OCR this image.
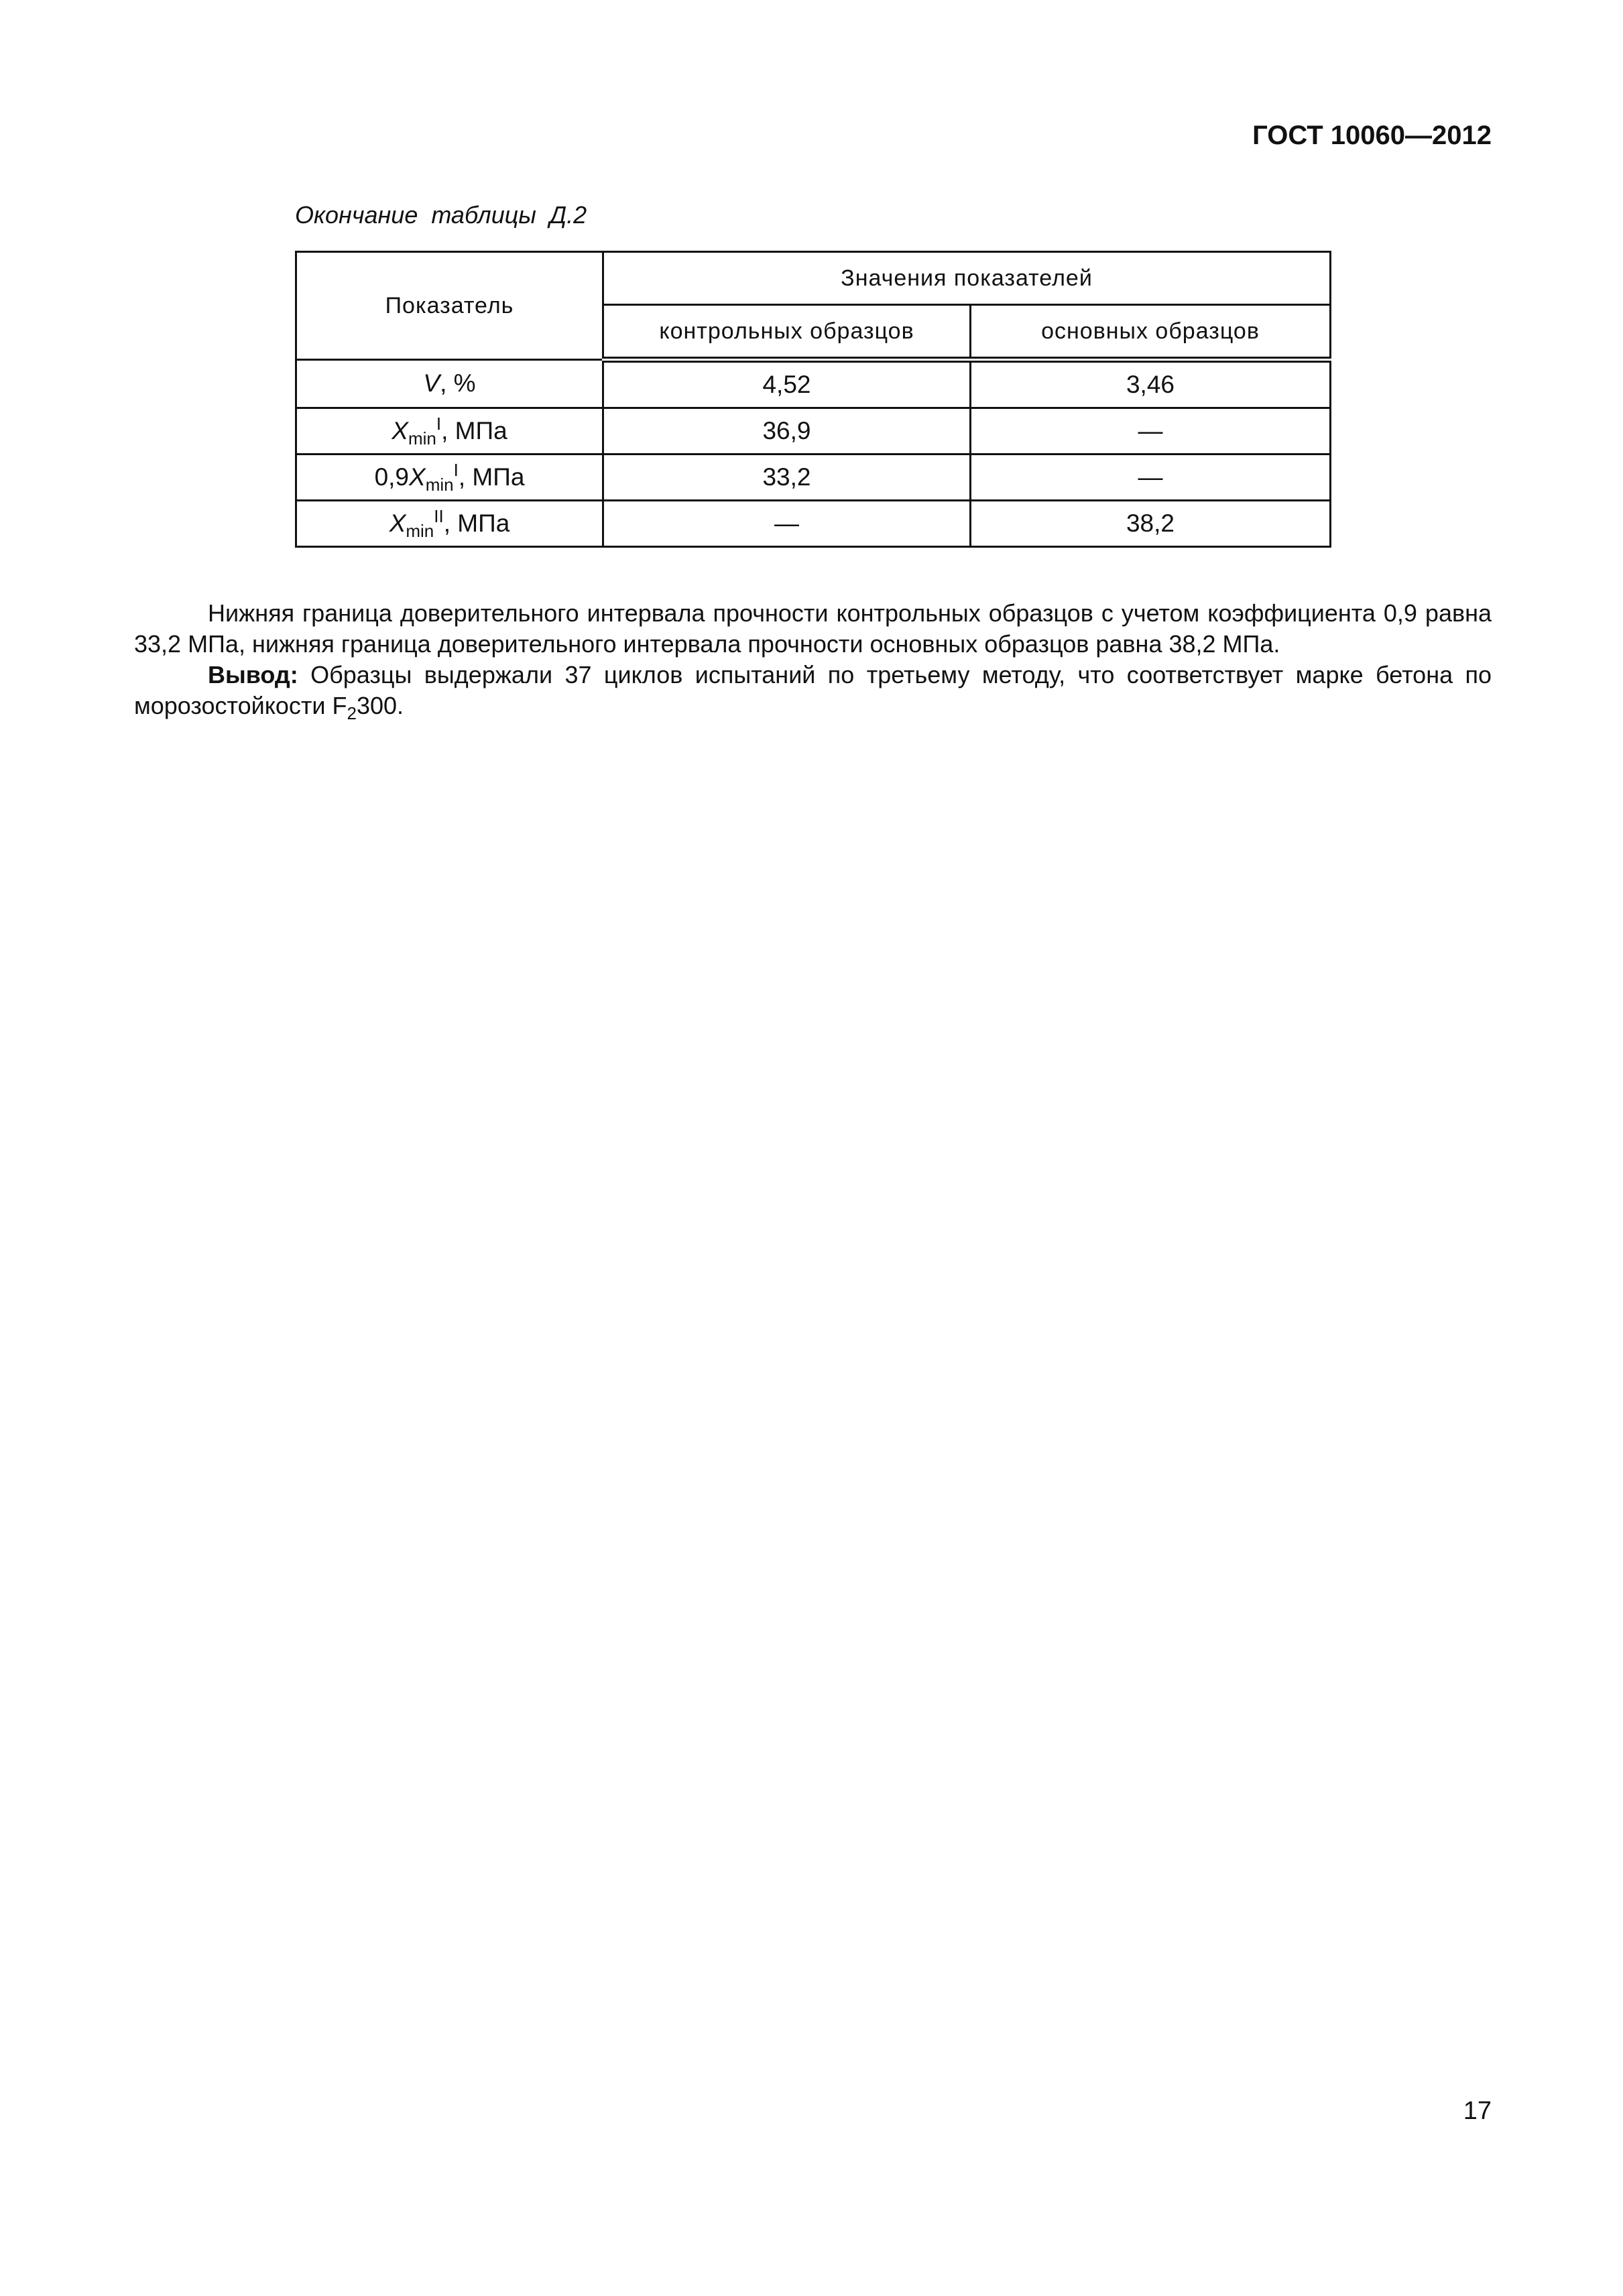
ГОСТ 10060—2012
Окончание таблицы Д.2
Показатель	Значения показателей	
	контрольных образцов	основных образцов
V, %	4,52	3,46
$X_{min}^I$, МПа	36,9	—
$0,9X_{min}^I$, МПа	33,2	—
$X_{min}^{II}$, МПа	—	38,2

Нижняя граница доверительного интервала прочности контрольных образцов с учетом коэффициента 0,9 равна 33,2 МПа, нижняя граница доверительного интервала прочности основных образцов равна 38,2 МПа.

Вывод: Образцы выдержали 37 циклов испытаний по третьему методу, что соответствует марке бетона по морозостойкости $F_2300$.

17
